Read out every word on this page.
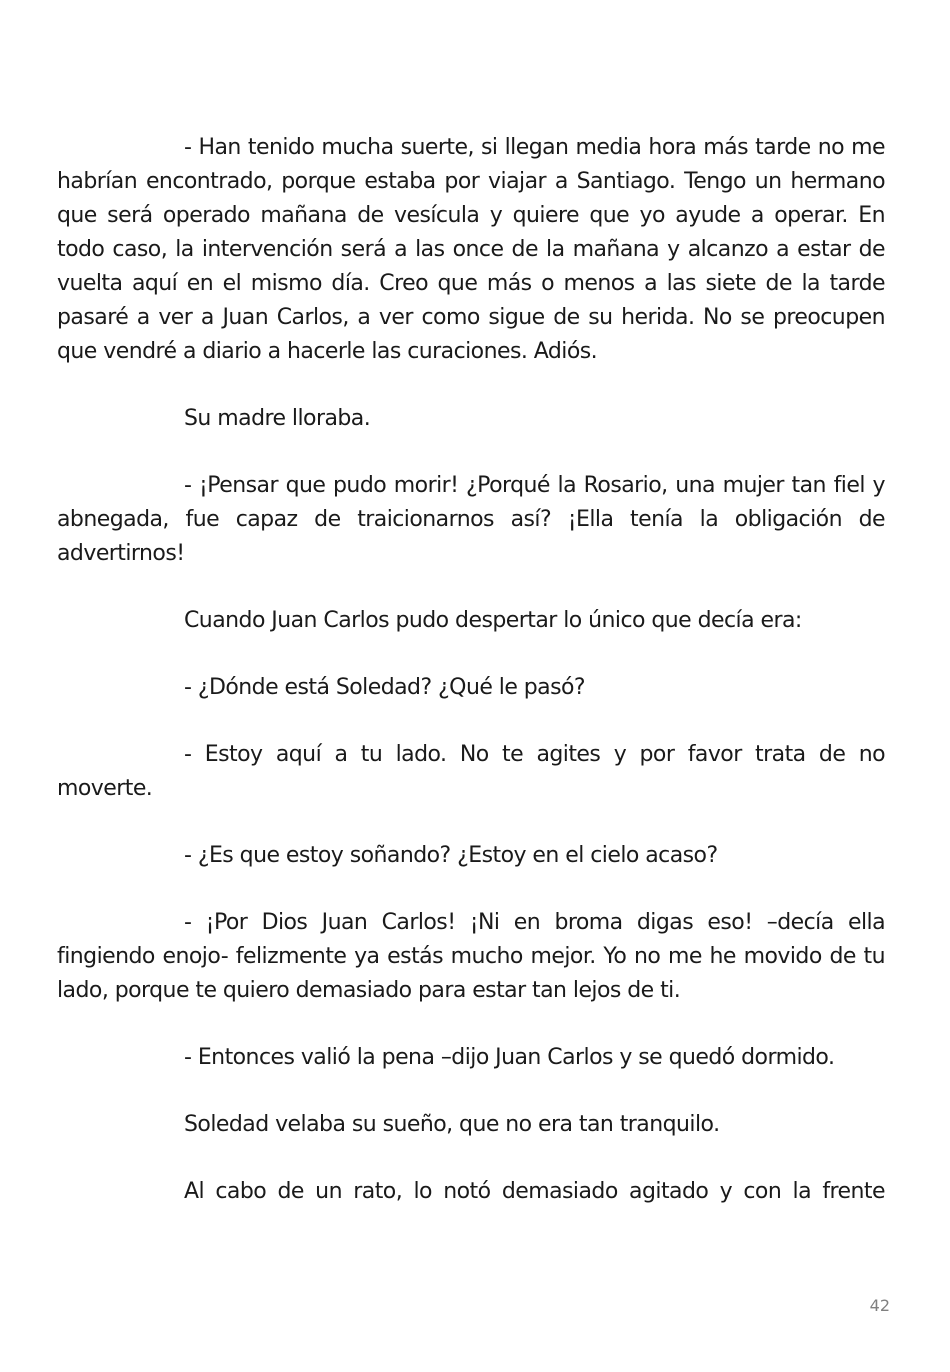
- Han tenido mucha suerte, si llegan media hora más tarde no me habrían encontrado, porque estaba por viajar a Santiago. Tengo un hermano que será operado mañana de vesícula y quiere que yo ayude a operar. En todo caso, la intervención será a las once de la mañana y alcanzo a estar de vuelta aquí en el mismo día. Creo que más o menos a las siete de la tarde pasaré a ver a Juan Carlos, a ver como sigue de su herida. No se preocupen que vendré a diario a hacerle las curaciones. Adiós.

Su madre lloraba.

- ¡Pensar que pudo morir! ¿Porqué la Rosario, una mujer tan fiel y abnegada, fue capaz de traicionarnos así? ¡Ella tenía la obligación de advertirnos!

Cuando Juan Carlos pudo despertar lo único que decía era:

- ¿Dónde está Soledad? ¿Qué le pasó?

- Estoy aquí a tu lado. No te agites y por favor trata de no moverte.

- ¿Es que estoy soñando? ¿Estoy en el cielo acaso?

- ¡Por Dios Juan Carlos! ¡Ni en broma digas eso! –decía ella fingiendo enojo- felizmente ya estás mucho mejor. Yo no me he movido de tu lado, porque te quiero demasiado para estar tan lejos de ti.

- Entonces valió la pena –dijo Juan Carlos y se quedó dormido.

Soledad velaba su sueño, que no era tan tranquilo.

Al cabo de un rato, lo notó demasiado agitado y con la frente

42
